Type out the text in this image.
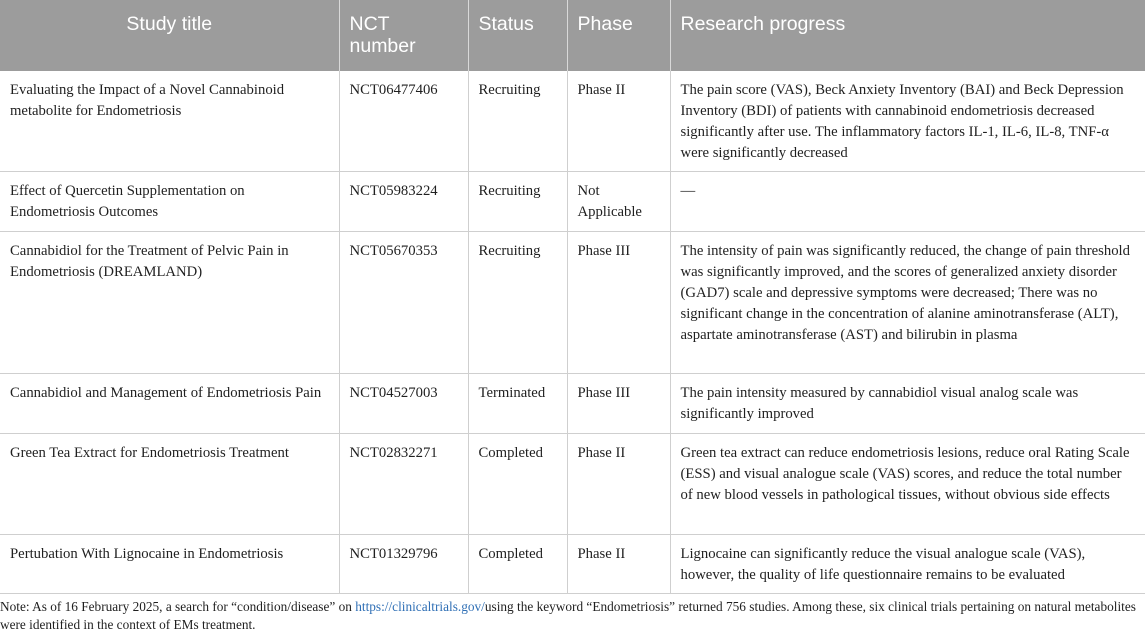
Study title	NCT number	Status	Phase	Research progress
Evaluating the Impact of a Novel Cannabinoid metabolite for Endometriosis	NCT06477406	Recruiting	Phase II	The pain score (VAS), Beck Anxiety Inventory (BAI) and Beck Depression Inventory (BDI) of patients with cannabinoid endometriosis decreased significantly after use. The inflammatory factors IL-1, IL-6, IL-8, TNF-α were significantly decreased
Effect of Quercetin Supplementation on Endometriosis Outcomes	NCT05983224	Recruiting	Not Applicable	—
Cannabidiol for the Treatment of Pelvic Pain in Endometriosis (DREAMLAND)	NCT05670353	Recruiting	Phase III	The intensity of pain was significantly reduced, the change of pain threshold was significantly improved, and the scores of generalized anxiety disorder (GAD7) scale and depressive symptoms were decreased; There was no significant change in the concentration of alanine aminotransferase (ALT), aspartate aminotransferase (AST) and bilirubin in plasma
Cannabidiol and Management of Endometriosis Pain	NCT04527003	Terminated	Phase III	The pain intensity measured by cannabidiol visual analog scale was significantly improved
Green Tea Extract for Endometriosis Treatment	NCT02832271	Completed	Phase II	Green tea extract can reduce endometriosis lesions, reduce oral Rating Scale (ESS) and visual analogue scale (VAS) scores, and reduce the total number of new blood vessels in pathological tissues, without obvious side effects
Pertubation With Lignocaine in Endometriosis	NCT01329796	Completed	Phase II	Lignocaine can significantly reduce the visual analogue scale (VAS), however, the quality of life questionnaire remains to be evaluated
Note: As of 16 February 2025, a search for “condition/disease” on https://clinicaltrials.gov/using the keyword “Endometriosis” returned 756 studies. Among these, six clinical trials pertaining on natural metabolites were identified in the context of EMs treatment.
